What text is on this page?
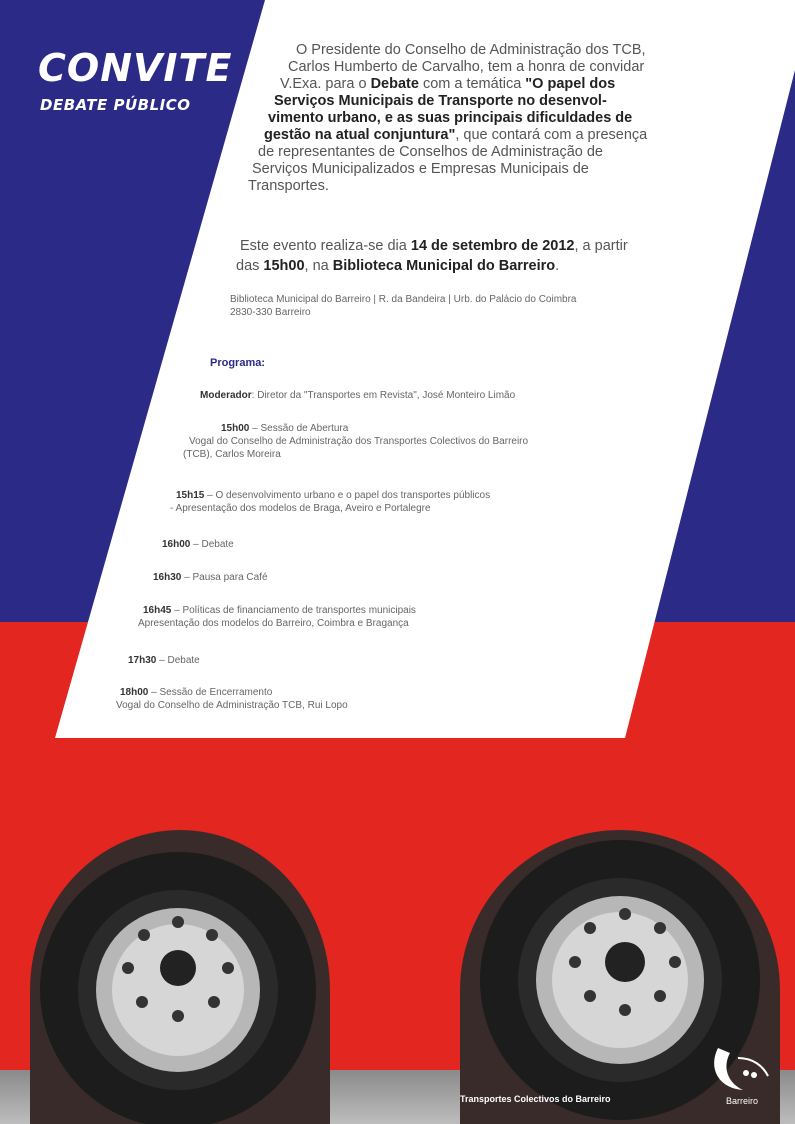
CONVITE
DEBATE PÚBLICO
O Presidente do Conselho de Administração dos TCB,
Carlos Humberto de Carvalho, tem a honra de convidar
V.Exa. para o Debate com a temática "O papel dos
Serviços Municipais de Transporte no desenvol-
vimento urbano, e as suas principais dificuldades de
gestão na atual conjuntura", que contará com a presença
de representantes de Conselhos de Administração de
Serviços Municipalizados e Empresas Municipais de
Transportes.
Este evento realiza-se dia 14 de setembro de 2012, a partir
das 15h00, na Biblioteca Municipal do Barreiro.
Biblioteca Municipal do Barreiro | R. da Bandeira | Urb. do Palácio do Coimbra
2830-330 Barreiro
Programa:
Moderador: Diretor da "Transportes em Revista", José Monteiro Limão
15h00 – Sessão de Abertura
Vogal do Conselho de Administração dos Transportes Colectivos do Barreiro
(TCB), Carlos Moreira
15h15 – O desenvolvimento urbano e o papel dos transportes públicos
- Apresentação dos modelos de Braga, Aveiro e Portalegre
16h00 – Debate
16h30 – Pausa para Café
16h45 – Políticas de financiamento de transportes municipais
Apresentação dos modelos do Barreiro, Coimbra e Bragança
17h30 – Debate
18h00 – Sessão de Encerramento
Vogal do Conselho de Administração TCB, Rui Lopo
Transportes Colectivos do Barreiro	Barreiro
